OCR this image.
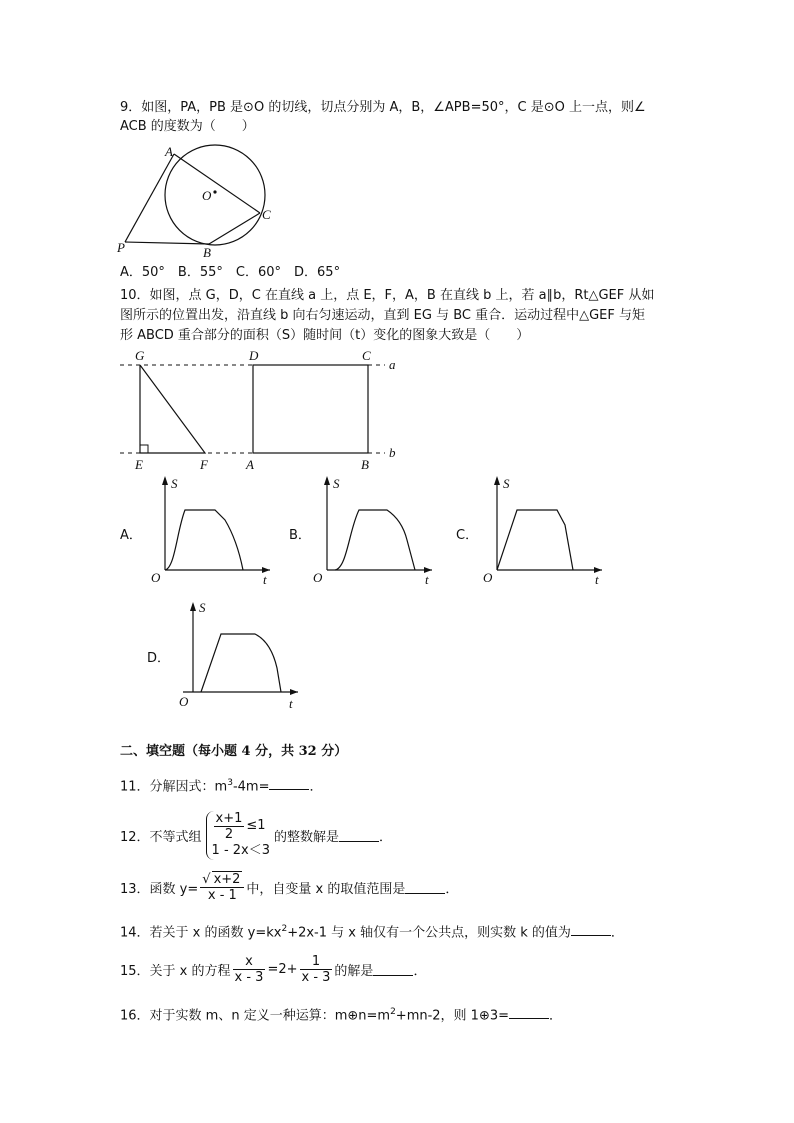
9．如图，PA，PB 是⊙O 的切线，切点分别为 A，B，∠APB=50°，C 是⊙O 上一点，则∠
ACB 的度数为（　　）
A
O
C
P	B
A．50°　B．55°　C．60°　D．65°
10．如图，点 G，D，C 在直线 a 上，点 E，F，A，B 在直线 b 上，若 a∥b，Rt△GEF 从如
图所示的位置出发，沿直线 b 向右匀速运动，直到 EG 与 BC 重合．运动过程中△GEF 与矩
形 ABCD 重合部分的面积（S）随时间（t）变化的图象大致是（　　）
G	D	C
a
E	F	A	B
b
A．
S
O	t
B．
S
O	t
C．
S
O	t
D．
S
O	t
二、填空题（每小题 4 分，共 32 分）
11．分解因式：$m^3-4m=$	．
12．不等式组 $\frac{x+1}{2} \le 1$
1 - 2x＜3
的整数解是	．
13．函数 $y= \frac{√ x+2}{x - 1}$ 中，自变量 x 的取值范围是	．
14．若关于 x 的函数 $y=kx^2+2x-1$ 与 x 轴仅有一个公共点，则实数 k 的值为	．
15．关于 x 的方程 $\frac{x}{x - 3} =2+ \frac{1}{x - 3}$ 的解是	．
16．对于实数 m、n 定义一种运算：$m\oplus n=m^2+mn-2$，则 1⊕3=	．
